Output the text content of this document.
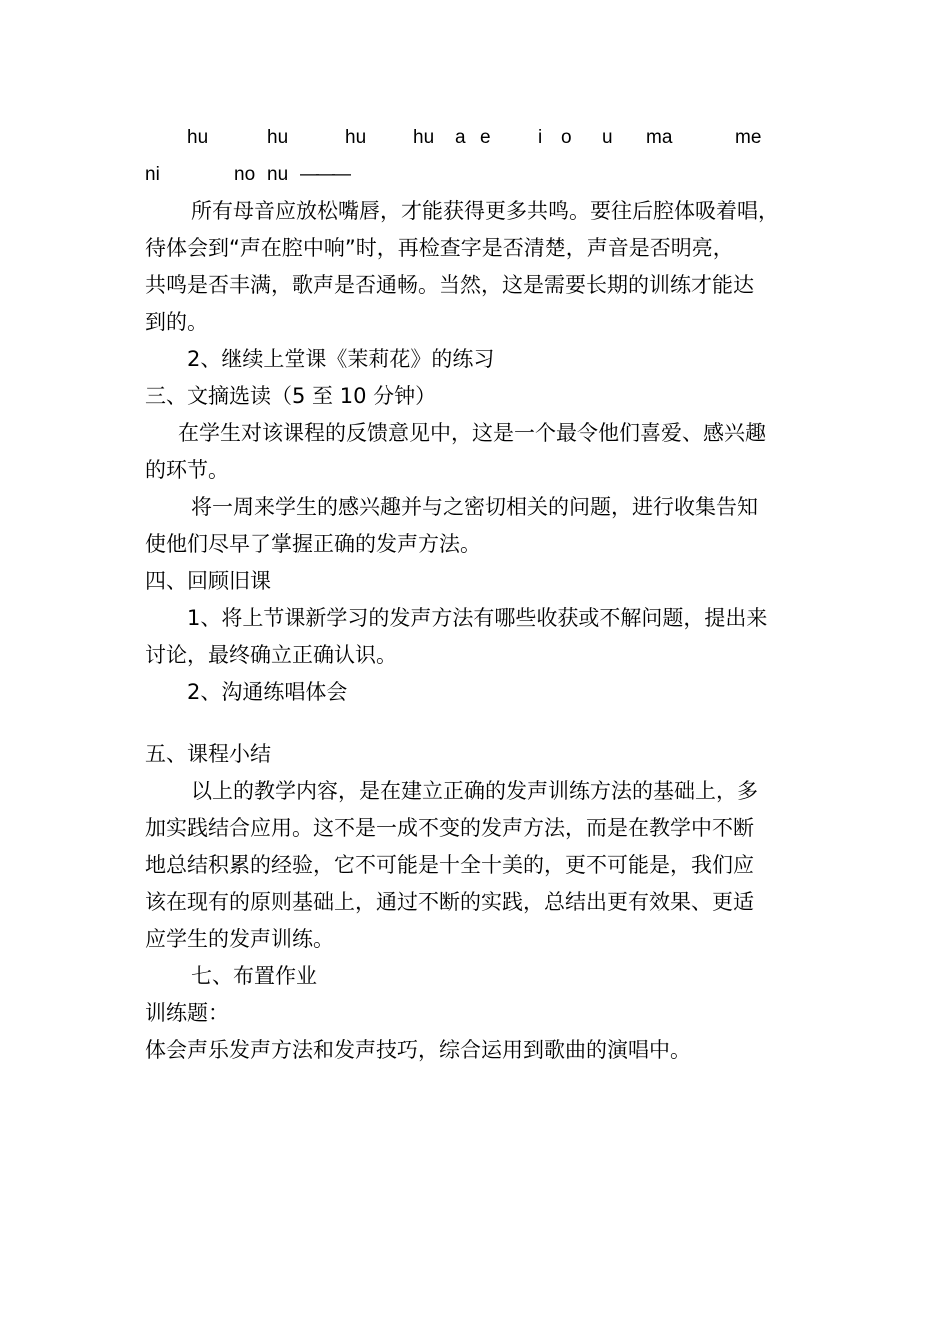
hu	hu	hu hu a e i o u ma	me
ni	no nu ———
所有母音应放松嘴唇，才能获得更多共鸣。要往后腔体吸着唱，
待体会到“声在腔中响”时，再检查字是否清楚，声音是否明亮，
共鸣是否丰满，歌声是否通畅。当然，这是需要长期的训练才能达
到的。
2、继续上堂课《茉莉花》的练习
三、文摘选读（5 至 10 分钟）
在学生对该课程的反馈意见中，这是一个最令他们喜爱、感兴趣
的环节。
将一周来学生的感兴趣并与之密切相关的问题，进行收集告知
使他们尽早了掌握正确的发声方法。
四、回顾旧课
1、将上节课新学习的发声方法有哪些收获或不解问题，提出来
讨论，最终确立正确认识。
2、沟通练唱体会
五、课程小结
以上的教学内容，是在建立正确的发声训练方法的基础上，多
加实践结合应用。这不是一成不变的发声方法，而是在教学中不断
地总结积累的经验，它不可能是十全十美的，更不可能是，我们应
该在现有的原则基础上，通过不断的实践，总结出更有效果、更适
应学生的发声训练。
七、布置作业
训练题：
体会声乐发声方法和发声技巧，综合运用到歌曲的演唱中。
